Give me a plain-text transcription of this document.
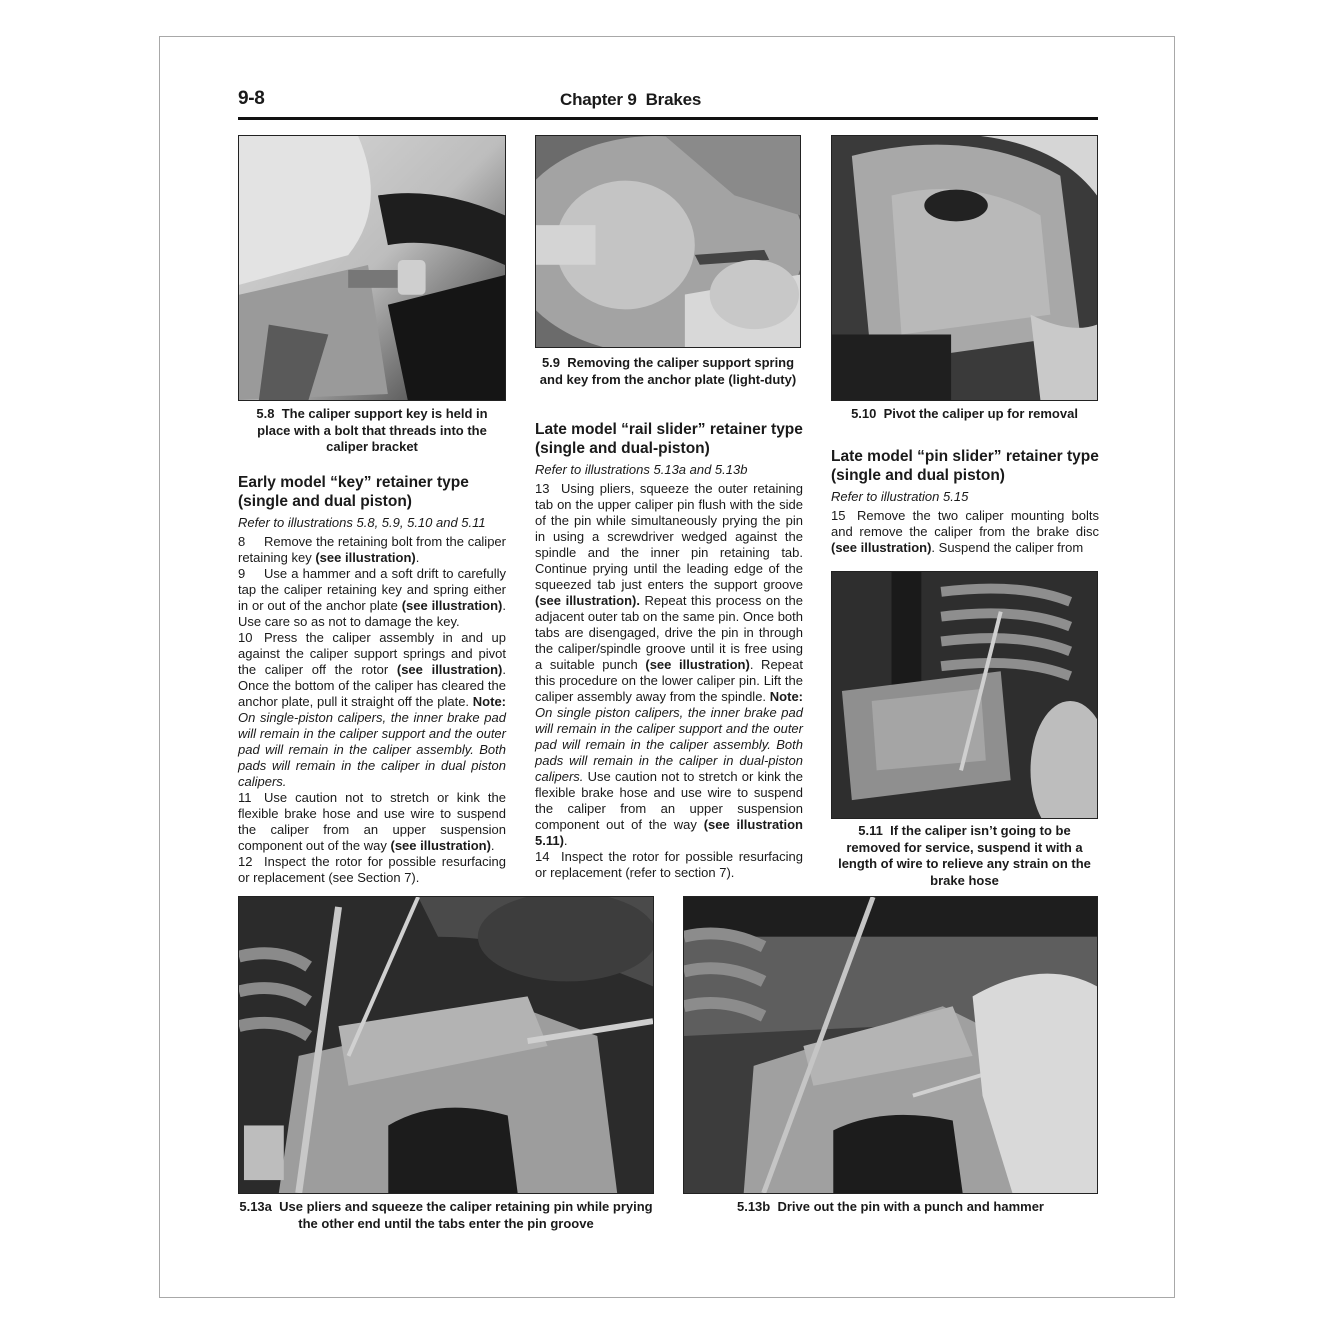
9-8	Chapter 9 Brakes
5.8 The caliper support key is held in place with a bolt that threads into the caliper bracket
5.9 Removing the caliper support spring and key from the anchor plate (light-duty)
5.10 Pivot the caliper up for removal
5.11 If the caliper isn’t going to be removed for service, suspend it with a length of wire to relieve any strain on the brake hose
Early model “key” retainer type (single and dual piston)
Refer to illustrations 5.8, 5.9, 5.10 and 5.11

8 Remove the retaining bolt from the caliper retaining key (see illustration).

9 Use a hammer and a soft drift to carefully tap the caliper retaining key and spring either in or out of the anchor plate (see illustration). Use care so as not to damage the key.

10 Press the caliper assembly in and up against the caliper support springs and pivot the caliper off the rotor (see illustration). Once the bottom of the caliper has cleared the anchor plate, pull it straight off the plate. Note: On single-piston calipers, the inner brake pad will remain in the caliper support and the outer pad will remain in the caliper assembly. Both pads will remain in the caliper in dual piston calipers.

11 Use caution not to stretch or kink the flexible brake hose and use wire to suspend the caliper from an upper suspension component out of the way (see illustration).

12 Inspect the rotor for possible resurfacing or replacement (see Section 7).

Late model “rail slider” retainer type (single and dual-piston)
Refer to illustrations 5.13a and 5.13b

13 Using pliers, squeeze the outer retaining tab on the upper caliper pin flush with the side of the pin while simultaneously prying the pin in using a screwdriver wedged against the spindle and the inner pin retaining tab. Continue prying until the leading edge of the squeezed tab just enters the support groove (see illustration). Repeat this process on the adjacent outer tab on the same pin. Once both tabs are disengaged, drive the pin in through the caliper/spindle groove until it is free using a suitable punch (see illustration). Repeat this procedure on the lower caliper pin. Lift the caliper assembly away from the spindle. Note: On single piston calipers, the inner brake pad will remain in the caliper support and the outer pad will remain in the caliper assembly. Both pads will remain in the caliper in dual-piston calipers. Use caution not to stretch or kink the flexible brake hose and use wire to suspend the caliper from an upper suspension component out of the way (see illustration 5.11).

14 Inspect the rotor for possible resurfacing or replacement (refer to section 7).

Late model “pin slider” retainer type (single and dual piston)
Refer to illustration 5.15

15 Remove the two caliper mounting bolts and remove the caliper from the brake disc (see illustration). Suspend the caliper from

5.13a Use pliers and squeeze the caliper retaining pin while prying the other end until the tabs enter the pin groove
5.13b Drive out the pin with a punch and hammer
